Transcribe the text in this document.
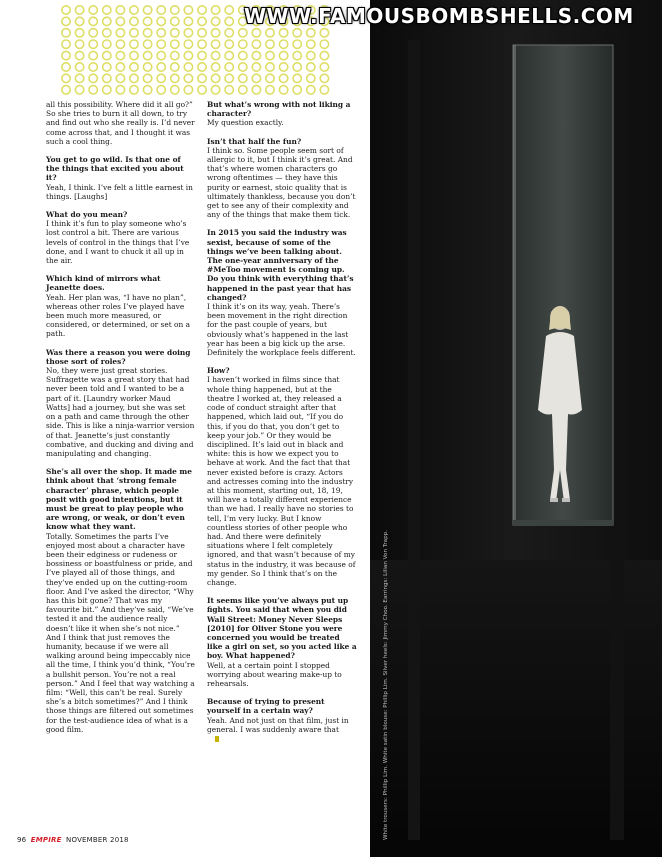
all this possibility. Where did it all go?” So she tries to burn it all down, to try and find out who she really is. I’d never come across that, and I thought it was such a cool thing.

You get to go wild. Is that one of the things that excited you about it?
Yeah, I think. I’ve felt a little earnest in things. [Laughs]

What do you mean?
I think it’s fun to play someone who’s lost control a bit. There are various levels of control in the things that I’ve done, and I want to chuck it all up in the air.

Which kind of mirrors what Jeanette does.
Yeah. Her plan was, “I have no plan”, whereas other roles I’ve played have been much more measured, or considered, or determined, or set on a path.

Was there a reason you were doing those sort of roles?
No, they were just great stories. Suffragette was a great story that had never been told and I wanted to be a part of it. [Laundry worker Maud Watts] had a journey, but she was set on a path and came through the other side. This is like a ninja-warrior version of that. Jeanette’s just constantly combative, and ducking and diving and manipulating and changing.

She’s all over the shop. It made me think about that ‘strong female character’ phrase, which people posit with good intentions, but it must be great to play people who are wrong, or weak, or don’t even know what they want.
Totally. Sometimes the parts I’ve enjoyed most about a character have been their edginess or rudeness or bossiness or boastfulness or pride, and I’ve played all of those things, and they’ve ended up on the cutting-room floor. And I’ve asked the director, “Why has this bit gone? That was my favourite bit.” And they’ve said, “We’ve tested it and the audience really doesn’t like it when she’s not nice.” And I think that just removes the humanity, because if we were all walking around being impeccably nice all the time, I think you’d think, “You’re a bullshit person. You’re not a real person.” And I feel that way watching a film: “Well, this can’t be real. Surely she’s a bitch sometimes?” And I think those things are filtered out sometimes for the test-audience idea of what is a good film.

But what’s wrong with not liking a character?
My question exactly.

Isn’t that half the fun?
I think so. Some people seem sort of allergic to it, but I think it’s great. And that’s where women characters go wrong oftentimes — they have this purity or earnest, stoic quality that is ultimately thankless, because you don’t get to see any of their complexity and any of the things that make them tick.

In 2015 you said the industry was sexist, because of some of the things we’ve been talking about. The one-year anniversary of the #MeToo movement is coming up. Do you think with everything that’s happened in the past year that has changed?
I think it’s on its way, yeah. There’s been movement in the right direction for the past couple of years, but obviously what’s happened in the last year has been a big kick up the arse. Definitely the workplace feels different.

How?
I haven’t worked in films since that whole thing happened, but at the theatre I worked at, they released a code of conduct straight after that happened, which laid out, “If you do this, if you do that, you don’t get to keep your job.” Or they would be disciplined. It’s laid out in black and white: this is how we expect you to behave at work. And the fact that that never existed before is crazy. Actors and actresses coming into the industry at this moment, starting out, 18, 19, will have a totally different experience than we had. I really have no stories to tell, I’m very lucky. But I know countless stories of other people who had. And there were definitely situations where I felt completely ignored, and that wasn’t because of my status in the industry, it was because of my gender. So I think that’s on the change.

It seems like you’ve always put up fights. You said that when you did Wall Street: Money Never Sleeps [2010] for Oliver Stone you were concerned you would be treated like a girl on set, so you acted like a boy. What happened?
Well, at a certain point I stopped worrying about wearing make-up to rehearsals.

Because of trying to present yourself in a certain way?
Yeah. And not just on that film, just in general. I was suddenly aware that

96 EMPIRE NOVEMBER 2018	White trousers: Phillip Lim. White satin blouse: Phillip Lim. Silver heels: Jimmy Choo. Earrings: Lilian Von Trapp.
WWW.FAMOUSBOMBSHELLS.COM
